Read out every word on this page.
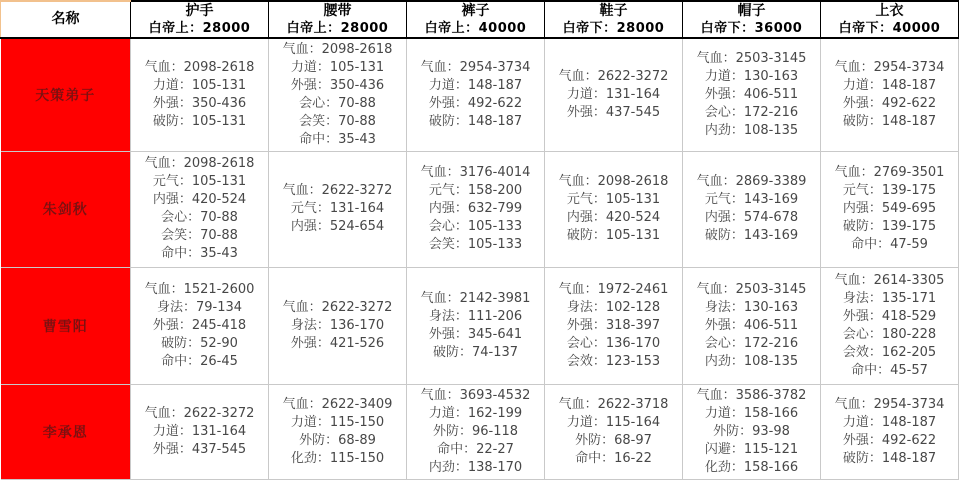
名称

护手
白帝上：28000

腰带
白帝上：28000

裤子
白帝上：40000

鞋子
白帝下：28000

帽子
白帝下：36000

上衣
白帝下：40000

天策弟子	
气血：2098-2618
力道：105-131
外强：350-436
破防：105-131

气血：2098-2618
力道：105-131
外强：350-436
会心：70-88
会笑：70-88
命中：35-43

气血：2954-3734
力道：148-187
外强：492-622
破防：148-187

气血：2622-3272
力道：131-164
外强：437-545

气血：2503-3145
力道：130-163
外强：406-511
会心：172-216
内劲：108-135

气血：2954-3734
力道：148-187
外强：492-622
破防：148-187

朱剑秋	
气血：2098-2618
元气：105-131
内强：420-524
会心：70-88
会笑：70-88
命中：35-43

气血：2622-3272
元气：131-164
内强：524-654

气血：3176-4014
元气：158-200
内强：632-799
会心：105-133
会笑：105-133

气血：2098-2618
元气：105-131
内强：420-524
破防：105-131

气血：2869-3389
元气：143-169
内强：574-678
破防：143-169

气血：2769-3501
元气：139-175
内强：549-695
破防：139-175
命中：47-59

曹雪阳	
气血：1521-2600
身法：79-134
外强：245-418
破防：52-90
命中：26-45

气血：2622-3272
身法：136-170
外强：421-526

气血：2142-3981
身法：111-206
外强：345-641
破防：74-137

气血：1972-2461
身法：102-128
外强：318-397
会心：136-170
会效：123-153

气血：2503-3145
身法：130-163
外强：406-511
会心：172-216
内劲：108-135

气血：2614-3305
身法：135-171
外强：418-529
会心：180-228
会效：162-205
命中：45-57

李承恩	
气血：2622-3272
力道：131-164
外强：437-545

气血：2622-3409
力道：115-150
外防：68-89
化劲：115-150

气血：3693-4532
力道：162-199
外防：96-118
命中：22-27
内劲：138-170

气血：2622-3718
力道：115-164
外防：68-97
命中：16-22

气血：3586-3782
力道：158-166
外防：93-98
闪避：115-121
化劲：158-166

气血：2954-3734
力道：148-187
外强：492-622
破防：148-187
